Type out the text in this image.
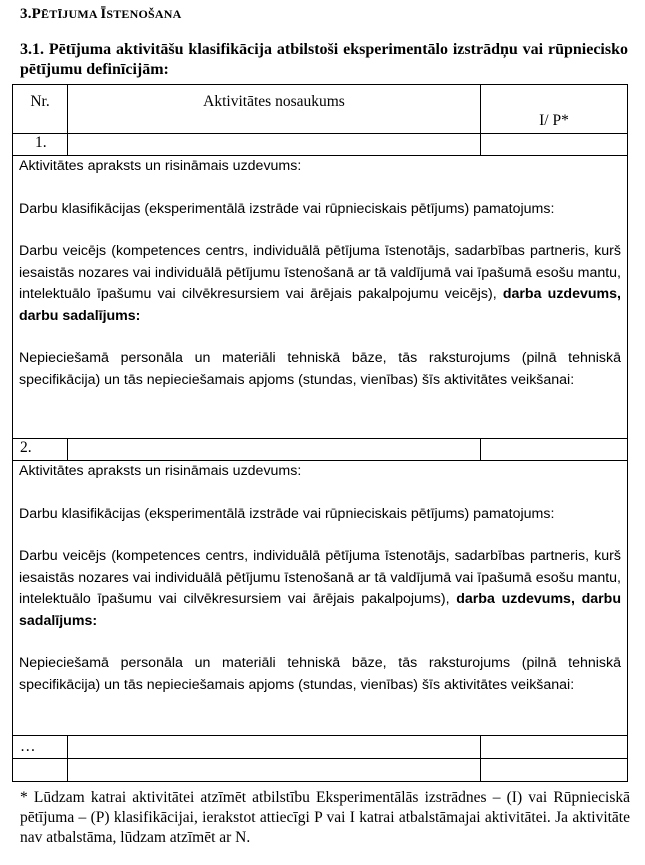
3.PĒTĪJUMA ĪSTENOŠANA
3.1. Pētījuma aktivitāšu klasifikācija atbilstoši eksperimentālo izstrādņu vai rūpniecisko pētījumu definīcijām:
Nr.	Aktivitātes nosaukums	I/ P*
1.		

Aktivitātes apraksts un risināmais uzdevums:

Darbu klasifikācijas (eksperimentālā izstrāde vai rūpnieciskais pētījums) pamatojums:

Darbu veicējs (kompetences centrs, individuālā pētījuma īstenotājs, sadarbības partneris, kurš iesaistās nozares vai individuālā pētījumu īstenošanā ar tā valdījumā vai īpašumā esošu mantu, intelektuālo īpašumu vai cilvēkresursiem vai ārējais pakalpojumu veicējs), darba uzdevums, darbu sadalījums:

Nepieciešamā personāla un materiāli tehniskā bāze, tās raksturojums (pilnā tehniskā specifikācija) un tās nepieciešamais apjoms (stundas, vienības) šīs aktivitātes veikšanai:		

2.		

Aktivitātes apraksts un risināmais uzdevums:

Darbu klasifikācijas (eksperimentālā izstrāde vai rūpnieciskais pētījums) pamatojums:

Darbu veicējs (kompetences centrs, individuālā pētījuma īstenotājs, sadarbības partneris, kurš iesaistās nozares vai individuālā pētījumu īstenošanā ar tā valdījumā vai īpašumā esošu mantu, intelektuālo īpašumu vai cilvēkresursiem vai ārējais pakalpojums), darba uzdevums, darbu sadalījums:

Nepieciešamā personāla un materiāli tehniskā bāze, tās raksturojums (pilnā tehniskā specifikācija) un tās nepieciešamais apjoms (stundas, vienības) šīs aktivitātes veikšanai:		

…		

* Lūdzam katrai aktivitātei atzīmēt atbilstību Eksperimentālās izstrādnes – (I) vai Rūpnieciskā pētījuma – (P) klasifikācijai, ierakstot attiecīgi P vai I katrai atbalstāmajai aktivitātei. Ja aktivitāte nav atbalstāma, lūdzam atzīmēt ar N.
